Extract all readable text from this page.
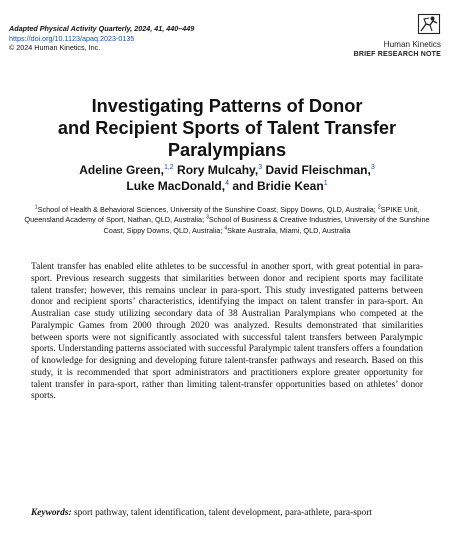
Adapted Physical Activity Quarterly, 2024, 41, 440–449
https://doi.org/10.1123/apaq.2023-0135
© 2024 Human Kinetics, Inc.	Human Kinetics
BRIEF RESEARCH NOTE
Investigating Patterns of Donor
and Recipient Sports of Talent Transfer
Paralympians
Adeline Green,$^{1,2}$ Rory Mulcahy,$^3$ David Fleischman,$^3$
Luke MacDonald,$^4$ and Bridie Kean$^1$
$^1$School of Health & Behavioral Sciences, University of the Sunshine Coast, Sippy Downs, QLD, Australia; $^2$SPIKE Unit, Queensland Academy of Sport, Nathan, QLD, Australia; $^3$School of Business & Creative Industries, University of the Sunshine Coast, Sippy Downs, QLD, Australia; $^4$Skate Australia, Miami, QLD, Australia

Talent transfer has enabled elite athletes to be successful in another sport, with great potential in para-sport. Previous research suggests that similarities between donor and recipient sports may facilitate talent transfer; however, this remains unclear in para-sport. This study investigated patterns between donor and recipient sports’ characteristics, identifying the impact on talent transfer in para-sport. An Australian case study utilizing secondary data of 38 Australian Paralympians who competed at the Paralympic Games from 2000 through 2020 was analyzed. Results demonstrated that similarities between sports were not significantly associated with successful talent transfers between Paralympic sports. Understanding patterns associated with successful Paralympic talent transfers offers a foundation of knowledge for designing and developing future talent-transfer pathways and research. Based on this study, it is recommended that sport administrators and practitioners explore greater opportunity for talent transfer in para-sport, rather than limiting talent-transfer opportunities based on athletes’ donor sports.

Keywords: sport pathway, talent identification, talent development, para-athlete, para-sport
